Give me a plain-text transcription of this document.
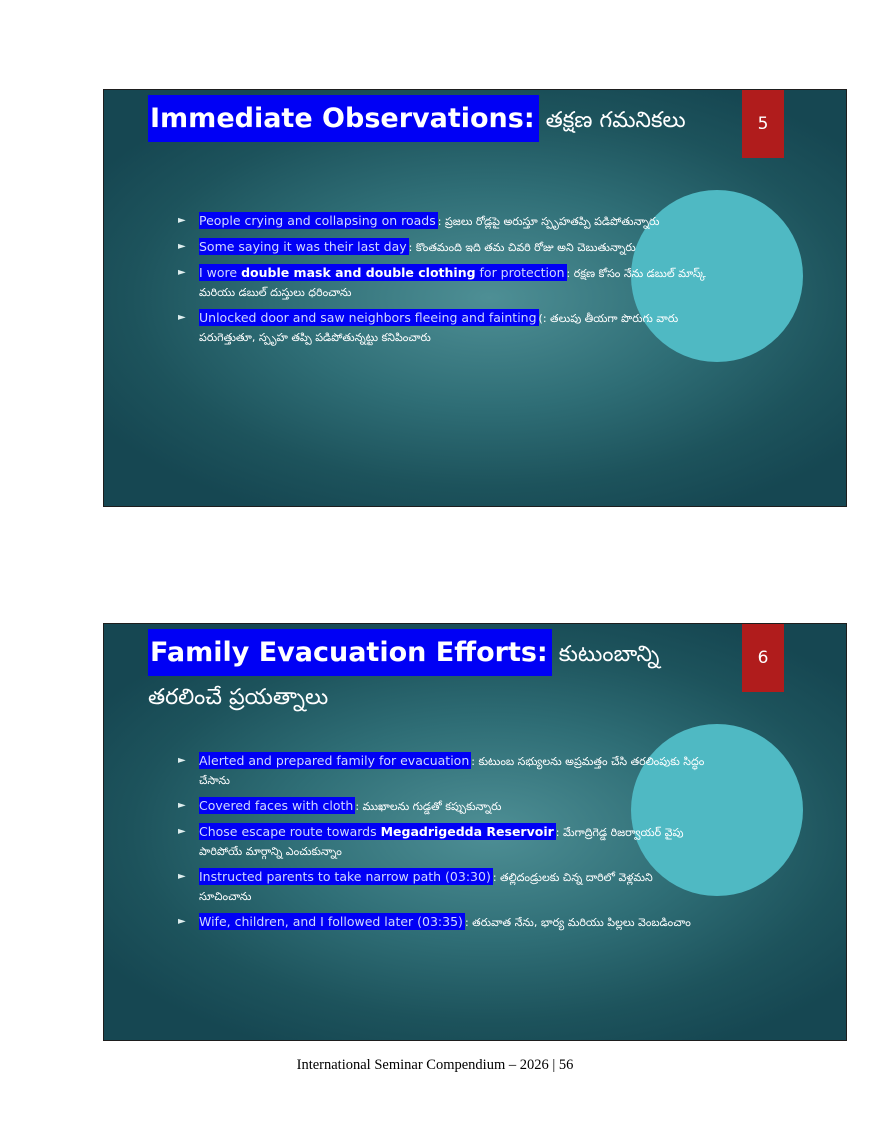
5
Immediate Observations: తక్షణ గమనికలు
► People crying and collapsing on roads : ప్రజలు రోడ్లపై అరుస్తూ స్పృహతప్పి పడిపోతున్నారు
► Some saying it was their last day : కొంతమంది ఇది తమ చివరి రోజు అని చెబుతున్నారు
► I wore double mask and double clothing for protection : రక్షణ కోసం నేను డబుల్ మాస్క్ మరియు డబుల్ దుస్తులు ధరించాను
► Unlocked door and saw neighbors fleeing and fainting (: తలుపు తీయగా పొరుగు వారు పరుగెత్తుతూ, స్పృహ తప్పి పడిపోతున్నట్టు కనిపించారు
6
Family Evacuation Efforts: కుటుంబాన్ని తరలించే ప్రయత్నాలు
► Alerted and prepared family for evacuation : కుటుంబ సభ్యులను అప్రమత్తం చేసి తరలింపుకు సిద్ధం చేసాను
► Covered faces with cloth : ముఖాలను గుడ్డతో కప్పుకున్నారు
► Chose escape route towards Megadrigedda Reservoir : మేగాద్రిగెడ్డ రిజర్వాయర్ వైపు పారిపోయే మార్గాన్ని ఎంచుకున్నాం
► Instructed parents to take narrow path (03:30) : తల్లిదండ్రులకు చిన్న దారిలో వెళ్లమని సూచించాను
► Wife, children, and I followed later (03:35) : తరువాత నేను, భార్య మరియు పిల్లలు వెంబడించాం
International Seminar Compendium – 2026 | 56
